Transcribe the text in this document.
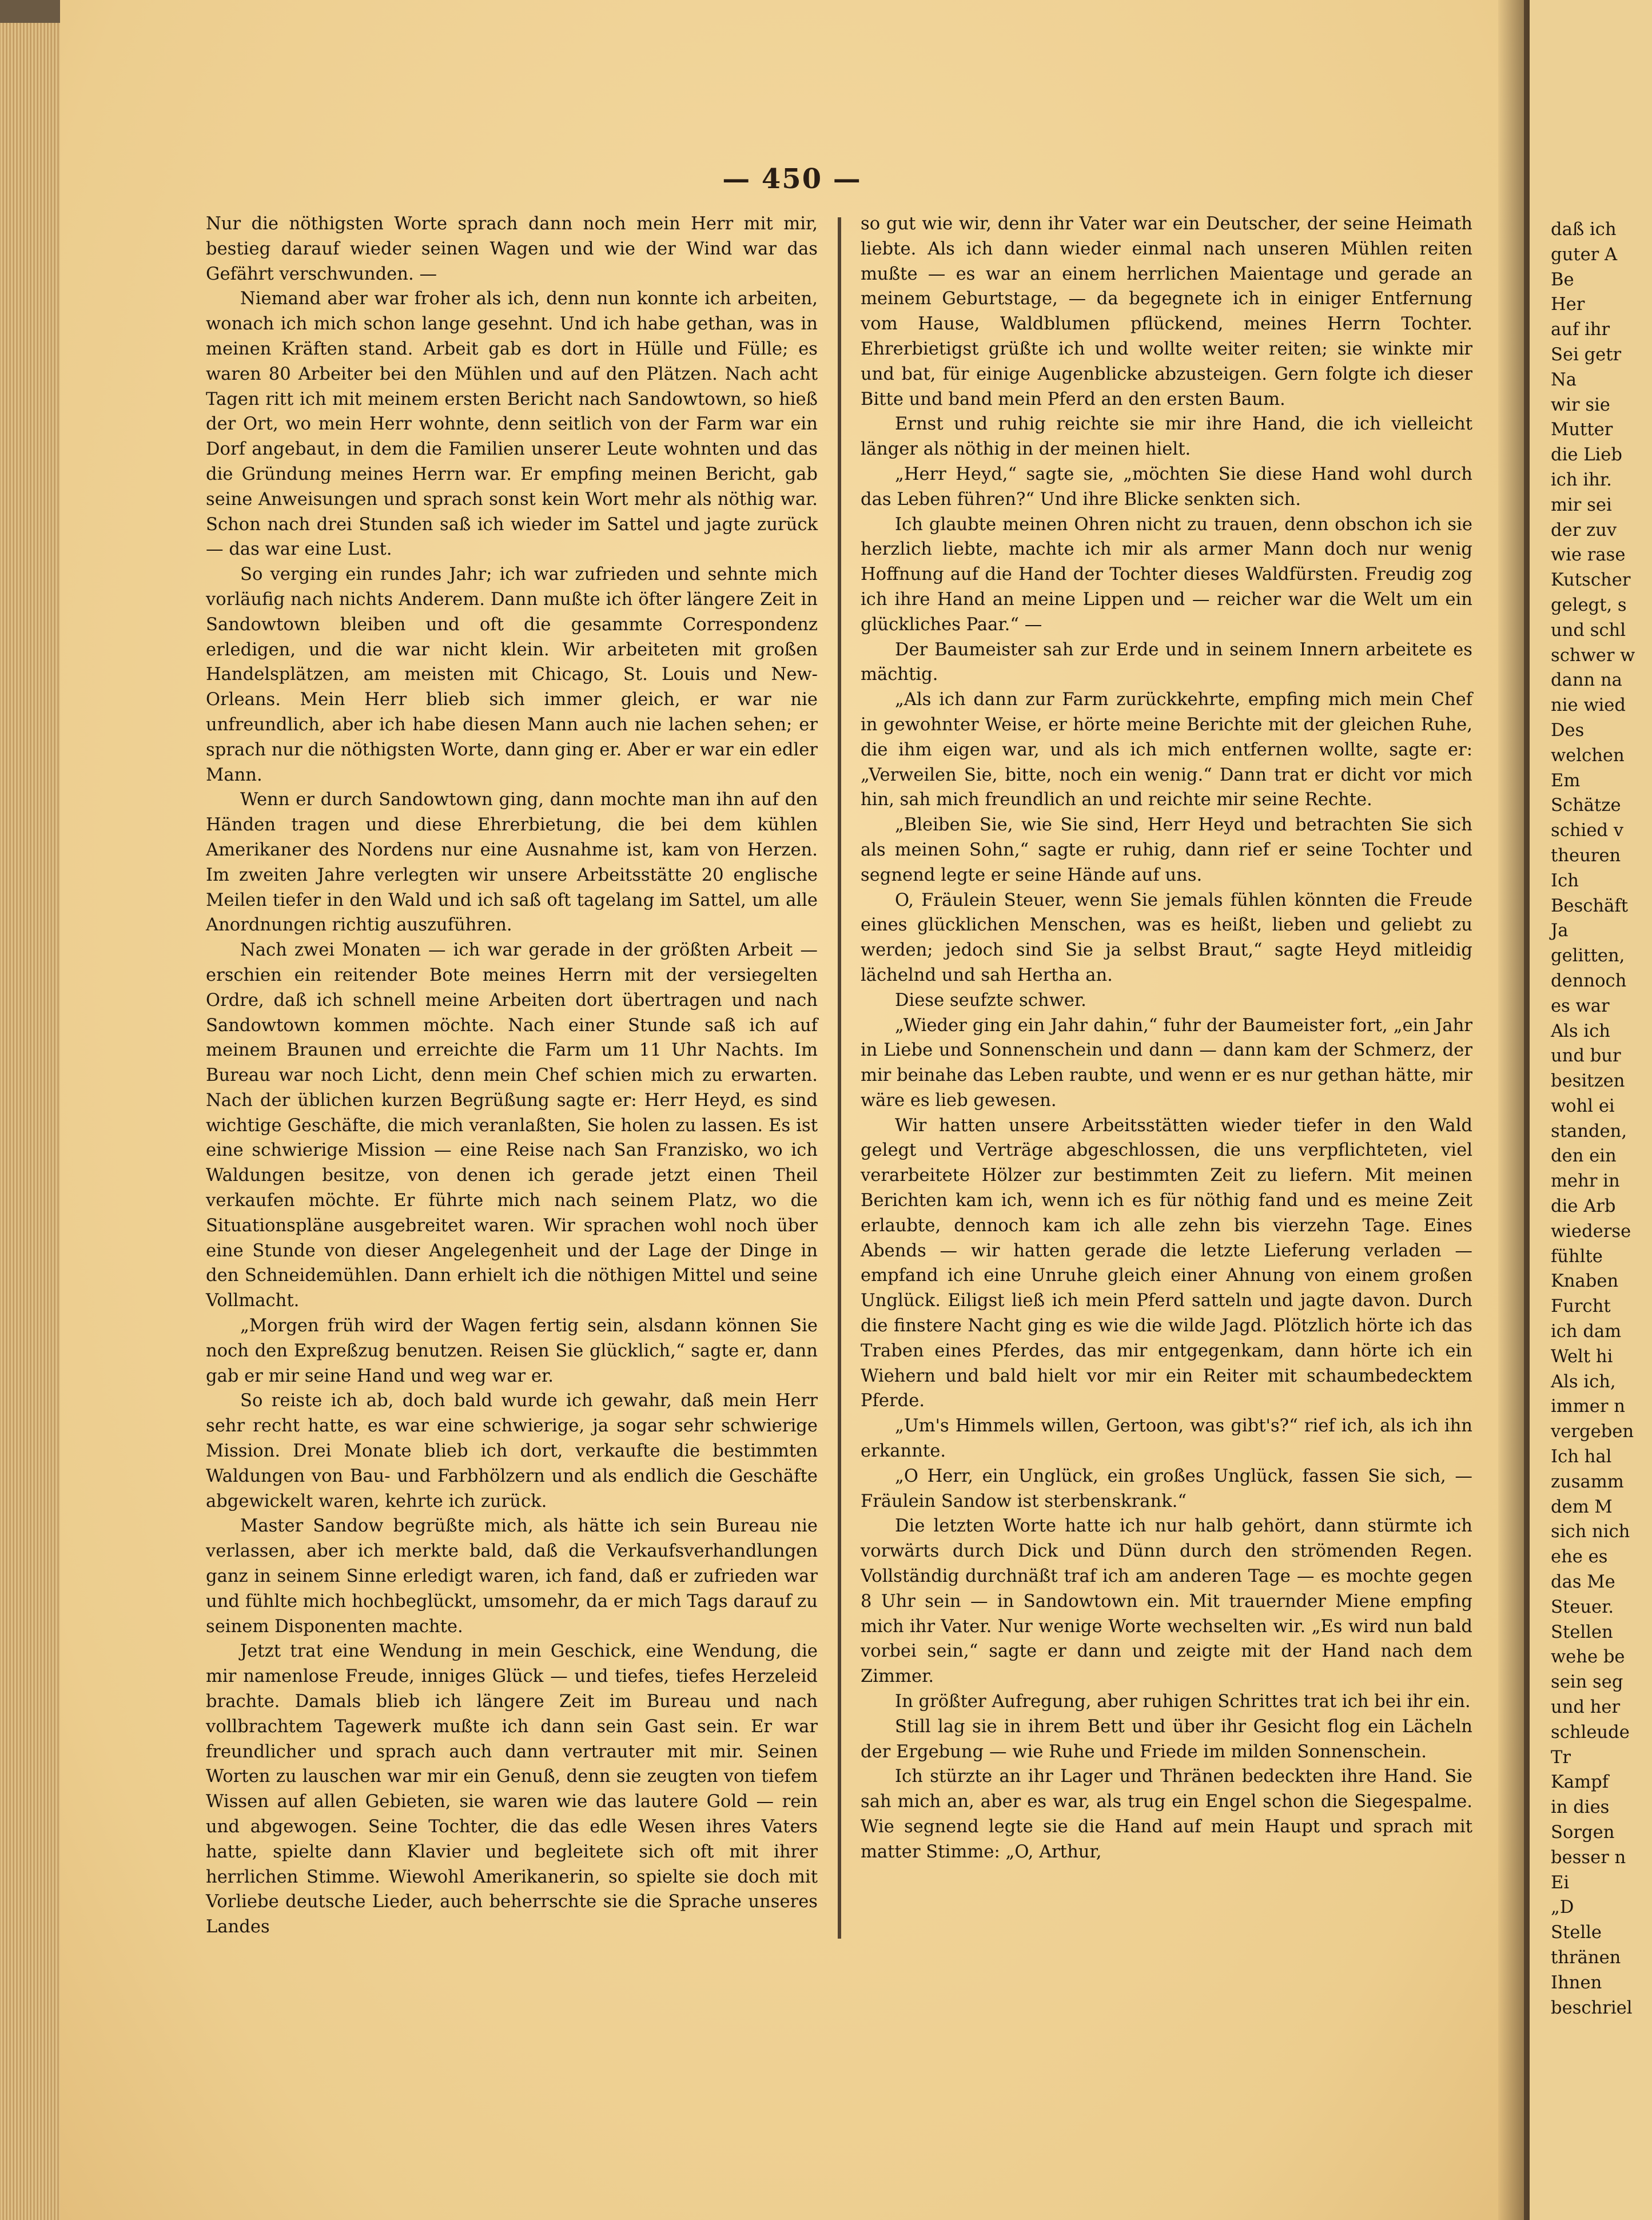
— 450 —

Nur die nöthigsten Worte sprach dann noch mein Herr mit mir, bestieg darauf wieder seinen Wagen und wie der Wind war das Gefährt verschwunden. —

Niemand aber war froher als ich, denn nun konnte ich arbeiten, wonach ich mich schon lange gesehnt. Und ich habe gethan, was in meinen Kräften stand. Arbeit gab es dort in Hülle und Fülle; es waren 80 Arbeiter bei den Mühlen und auf den Plätzen. Nach acht Tagen ritt ich mit meinem ersten Bericht nach Sandowtown, so hieß der Ort, wo mein Herr wohnte, denn seitlich von der Farm war ein Dorf angebaut, in dem die Familien unserer Leute wohnten und das die Gründung meines Herrn war. Er empfing meinen Bericht, gab seine Anweisungen und sprach sonst kein Wort mehr als nöthig war. Schon nach drei Stunden saß ich wieder im Sattel und jagte zurück — das war eine Lust.

So verging ein rundes Jahr; ich war zufrieden und sehnte mich vorläufig nach nichts Anderem. Dann mußte ich öfter längere Zeit in Sandowtown bleiben und oft die gesammte Correspondenz erledigen, und die war nicht klein. Wir arbeiteten mit großen Handelsplätzen, am meisten mit Chicago, St. Louis und New-Orleans. Mein Herr blieb sich immer gleich, er war nie unfreundlich, aber ich habe diesen Mann auch nie lachen sehen; er sprach nur die nöthigsten Worte, dann ging er. Aber er war ein edler Mann.

Wenn er durch Sandowtown ging, dann mochte man ihn auf den Händen tragen und diese Ehrerbietung, die bei dem kühlen Amerikaner des Nordens nur eine Ausnahme ist, kam von Herzen. Im zweiten Jahre verlegten wir unsere Arbeitsstätte 20 englische Meilen tiefer in den Wald und ich saß oft tagelang im Sattel, um alle Anordnungen richtig auszuführen.

Nach zwei Monaten — ich war gerade in der größten Arbeit — erschien ein reitender Bote meines Herrn mit der versiegelten Ordre, daß ich schnell meine Arbeiten dort übertragen und nach Sandowtown kommen möchte. Nach einer Stunde saß ich auf meinem Braunen und erreichte die Farm um 11 Uhr Nachts. Im Bureau war noch Licht, denn mein Chef schien mich zu erwarten. Nach der üblichen kurzen Begrüßung sagte er: Herr Heyd, es sind wichtige Geschäfte, die mich veranlaßten, Sie holen zu lassen. Es ist eine schwierige Mission — eine Reise nach San Franzisko, wo ich Waldungen besitze, von denen ich gerade jetzt einen Theil verkaufen möchte. Er führte mich nach seinem Platz, wo die Situationspläne ausgebreitet waren. Wir sprachen wohl noch über eine Stunde von dieser Angelegenheit und der Lage der Dinge in den Schneidemühlen. Dann erhielt ich die nöthigen Mittel und seine Vollmacht.

„Morgen früh wird der Wagen fertig sein, alsdann können Sie noch den Expreßzug benutzen. Reisen Sie glücklich,“ sagte er, dann gab er mir seine Hand und weg war er.

So reiste ich ab, doch bald wurde ich gewahr, daß mein Herr sehr recht hatte, es war eine schwierige, ja sogar sehr schwierige Mission. Drei Monate blieb ich dort, verkaufte die bestimmten Waldungen von Bau- und Farbhölzern und als endlich die Geschäfte abgewickelt waren, kehrte ich zurück.

Master Sandow begrüßte mich, als hätte ich sein Bureau nie verlassen, aber ich merkte bald, daß die Verkaufsverhandlungen ganz in seinem Sinne erledigt waren, ich fand, daß er zufrieden war und fühlte mich hochbeglückt, umsomehr, da er mich Tags darauf zu seinem Disponenten machte.

Jetzt trat eine Wendung in mein Geschick, eine Wendung, die mir namenlose Freude, inniges Glück — und tiefes, tiefes Herzeleid brachte. Damals blieb ich längere Zeit im Bureau und nach vollbrachtem Tagewerk mußte ich dann sein Gast sein. Er war freundlicher und sprach auch dann vertrauter mit mir. Seinen Worten zu lauschen war mir ein Genuß, denn sie zeugten von tiefem Wissen auf allen Gebieten, sie waren wie das lautere Gold — rein und abgewogen. Seine Tochter, die das edle Wesen ihres Vaters hatte, spielte dann Klavier und begleitete sich oft mit ihrer herrlichen Stimme. Wiewohl Amerikanerin, so spielte sie doch mit Vorliebe deutsche Lieder, auch beherrschte sie die Sprache unseres Landes

so gut wie wir, denn ihr Vater war ein Deutscher, der seine Heimath liebte. Als ich dann wieder einmal nach unseren Mühlen reiten mußte — es war an einem herrlichen Maientage und gerade an meinem Geburtstage, — da begegnete ich in einiger Entfernung vom Hause, Waldblumen pflückend, meines Herrn Tochter. Ehrerbietigst grüßte ich und wollte weiter reiten; sie winkte mir und bat, für einige Augenblicke abzusteigen. Gern folgte ich dieser Bitte und band mein Pferd an den ersten Baum.

Ernst und ruhig reichte sie mir ihre Hand, die ich vielleicht länger als nöthig in der meinen hielt.

„Herr Heyd,“ sagte sie, „möchten Sie diese Hand wohl durch das Leben führen?“ Und ihre Blicke senkten sich.

Ich glaubte meinen Ohren nicht zu trauen, denn obschon ich sie herzlich liebte, machte ich mir als armer Mann doch nur wenig Hoffnung auf die Hand der Tochter dieses Waldfürsten. Freudig zog ich ihre Hand an meine Lippen und — reicher war die Welt um ein glückliches Paar.“ —

Der Baumeister sah zur Erde und in seinem Innern arbeitete es mächtig.

„Als ich dann zur Farm zurückkehrte, empfing mich mein Chef in gewohnter Weise, er hörte meine Berichte mit der gleichen Ruhe, die ihm eigen war, und als ich mich entfernen wollte, sagte er: „Verweilen Sie, bitte, noch ein wenig.“ Dann trat er dicht vor mich hin, sah mich freundlich an und reichte mir seine Rechte.

„Bleiben Sie, wie Sie sind, Herr Heyd und betrachten Sie sich als meinen Sohn,“ sagte er ruhig, dann rief er seine Tochter und segnend legte er seine Hände auf uns.

O, Fräulein Steuer, wenn Sie jemals fühlen könnten die Freude eines glücklichen Menschen, was es heißt, lieben und geliebt zu werden; jedoch sind Sie ja selbst Braut,“ sagte Heyd mitleidig lächelnd und sah Hertha an.

Diese seufzte schwer.

„Wieder ging ein Jahr dahin,“ fuhr der Baumeister fort, „ein Jahr in Liebe und Sonnenschein und dann — dann kam der Schmerz, der mir beinahe das Leben raubte, und wenn er es nur gethan hätte, mir wäre es lieb gewesen.

Wir hatten unsere Arbeitsstätten wieder tiefer in den Wald gelegt und Verträge abgeschlossen, die uns verpflichteten, viel verarbeitete Hölzer zur bestimmten Zeit zu liefern. Mit meinen Berichten kam ich, wenn ich es für nöthig fand und es meine Zeit erlaubte, dennoch kam ich alle zehn bis vierzehn Tage. Eines Abends — wir hatten gerade die letzte Lieferung verladen — empfand ich eine Unruhe gleich einer Ahnung von einem großen Unglück. Eiligst ließ ich mein Pferd satteln und jagte davon. Durch die finstere Nacht ging es wie die wilde Jagd. Plötzlich hörte ich das Traben eines Pferdes, das mir entgegenkam, dann hörte ich ein Wiehern und bald hielt vor mir ein Reiter mit schaumbedecktem Pferde.

„Um's Himmels willen, Gertoon, was gibt's?“ rief ich, als ich ihn erkannte.

„O Herr, ein Unglück, ein großes Unglück, fassen Sie sich, — Fräulein Sandow ist sterbenskrank.“

Die letzten Worte hatte ich nur halb gehört, dann stürmte ich vorwärts durch Dick und Dünn durch den strömenden Regen. Vollständig durchnäßt traf ich am anderen Tage — es mochte gegen 8 Uhr sein — in Sandowtown ein. Mit trauernder Miene empfing mich ihr Vater. Nur wenige Worte wechselten wir. „Es wird nun bald vorbei sein,“ sagte er dann und zeigte mit der Hand nach dem Zimmer.

In größter Aufregung, aber ruhigen Schrittes trat ich bei ihr ein.

Still lag sie in ihrem Bett und über ihr Gesicht flog ein Lächeln der Ergebung — wie Ruhe und Friede im milden Sonnenschein.

Ich stürzte an ihr Lager und Thränen bedeckten ihre Hand. Sie sah mich an, aber es war, als trug ein Engel schon die Siegespalme. Wie segnend legte sie die Hand auf mein Haupt und sprach mit matter Stimme: „O, Arthur,

daß ich
guter A
Be
Her
auf ihr
Sei getr
Na
wir sie
Mutter
die Lieb
ich ihr.
mir sei
der zuv
wie rase
Kutscher
gelegt, s
und schl
schwer w
dann na
nie wied
Des
welchen
Em
Schätze
schied v
theuren
Ich
Beschäft
Ja
gelitten,
dennoch
es war
Als ich
und bur
besitzen
wohl ei
standen,
den ein
mehr in
die Arb
wiederse
fühlte
Knaben
Furcht
ich dam
Welt hi
Als ich,
immer n
vergeben
Ich hal
zusamm
dem M
sich nich
ehe es
das Me
Steuer.
Stellen
wehe be
sein seg
und her
schleude
Tr
Kampf
in dies
Sorgen
besser n
Ei
„D
Stelle
thränen
Ihnen
beschriel
